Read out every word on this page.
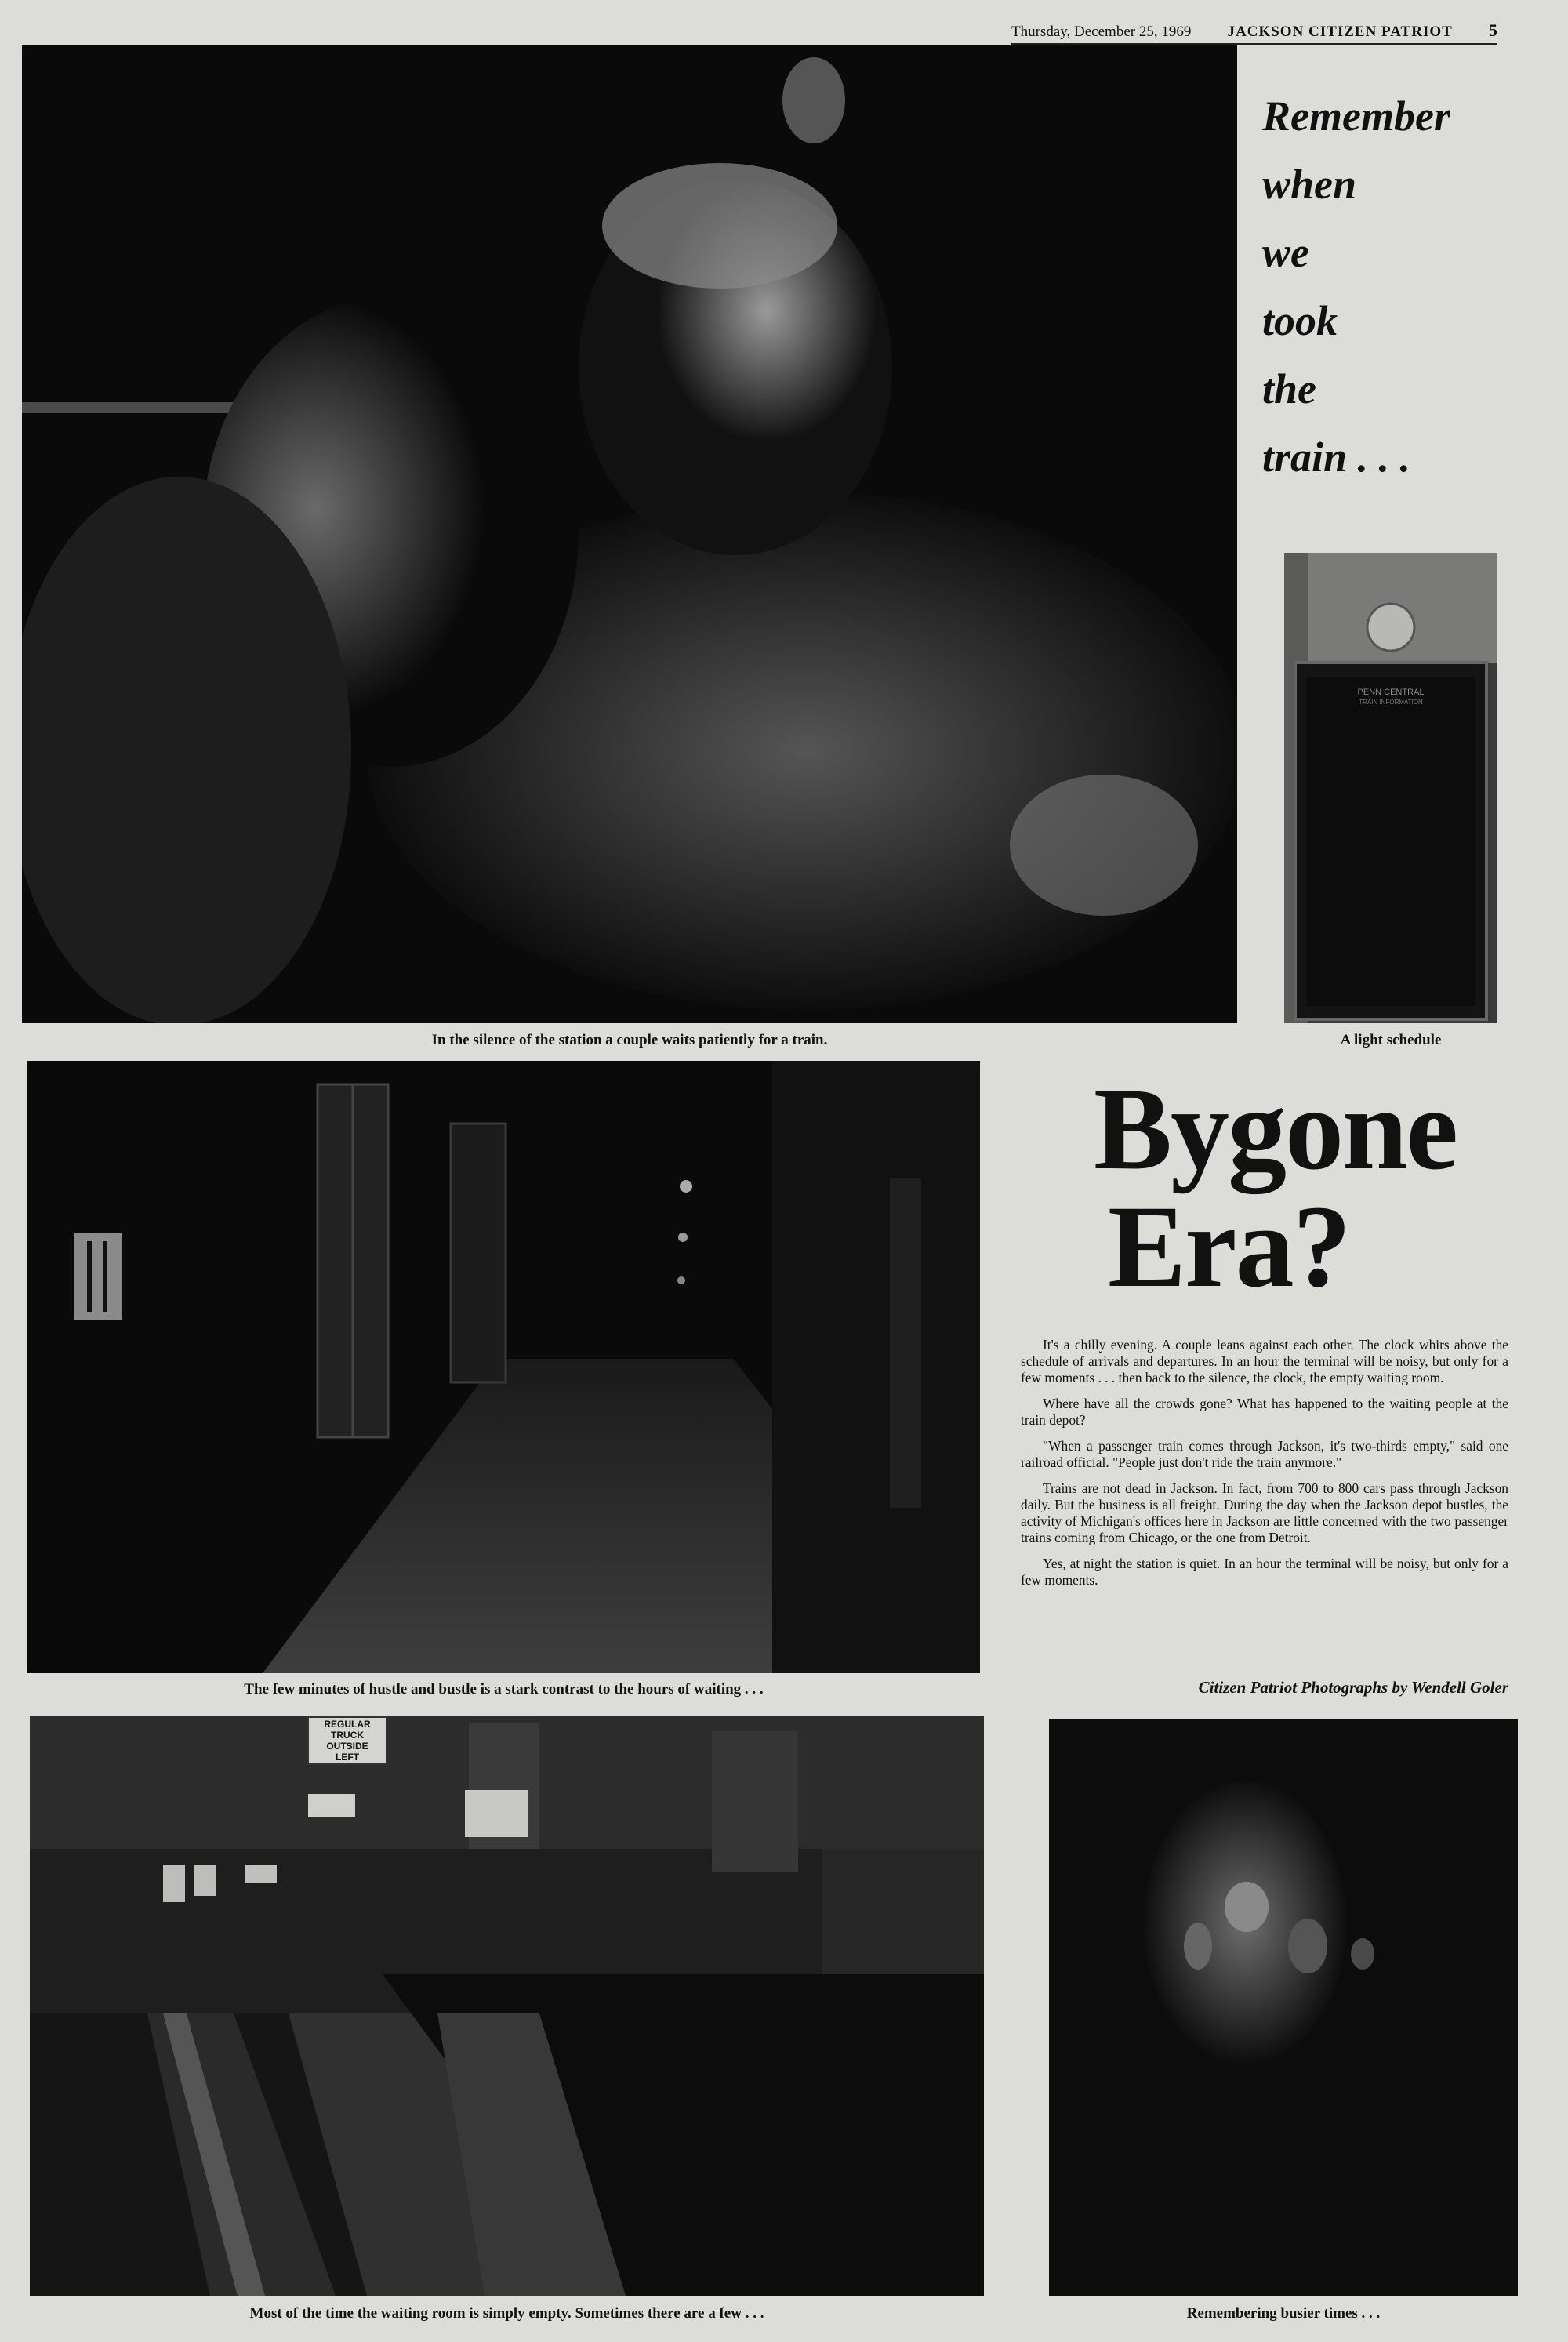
Thursday, December 25, 1969 JACKSON CITIZEN PATRIOT 5
In the silence of the station a couple waits patiently for a train.
Remember
when
we
took
the
train . . .
PENN CENTRAL
TRAIN INFORMATION
A light schedule
The few minutes of hustle and bustle is a stark contrast to the hours of waiting . . .
Bygone
Era?

It's a chilly evening. A couple leans against each other. The clock whirs above the schedule of arrivals and departures. In an hour the terminal will be noisy, but only for a few moments . . . then back to the silence, the clock, the empty waiting room.

Where have all the crowds gone? What has happened to the waiting people at the train depot?

"When a passenger train comes through Jackson, it's two-thirds empty," said one railroad official. "People just don't ride the train anymore."

Trains are not dead in Jackson. In fact, from 700 to 800 cars pass through Jackson daily. But the business is all freight. During the day when the Jackson depot bustles, the activity of Michigan's offices here in Jackson are little concerned with the two passenger trains coming from Chicago, or the one from Detroit.

Yes, at night the station is quiet. In an hour the terminal will be noisy, but only for a few moments.

Citizen Patriot Photographs by Wendell Goler
REGULAR
TRUCK
OUTSIDE
LEFT
Most of the time the waiting room is simply empty. Sometimes there are a few . . .	Remembering busier times . . .
